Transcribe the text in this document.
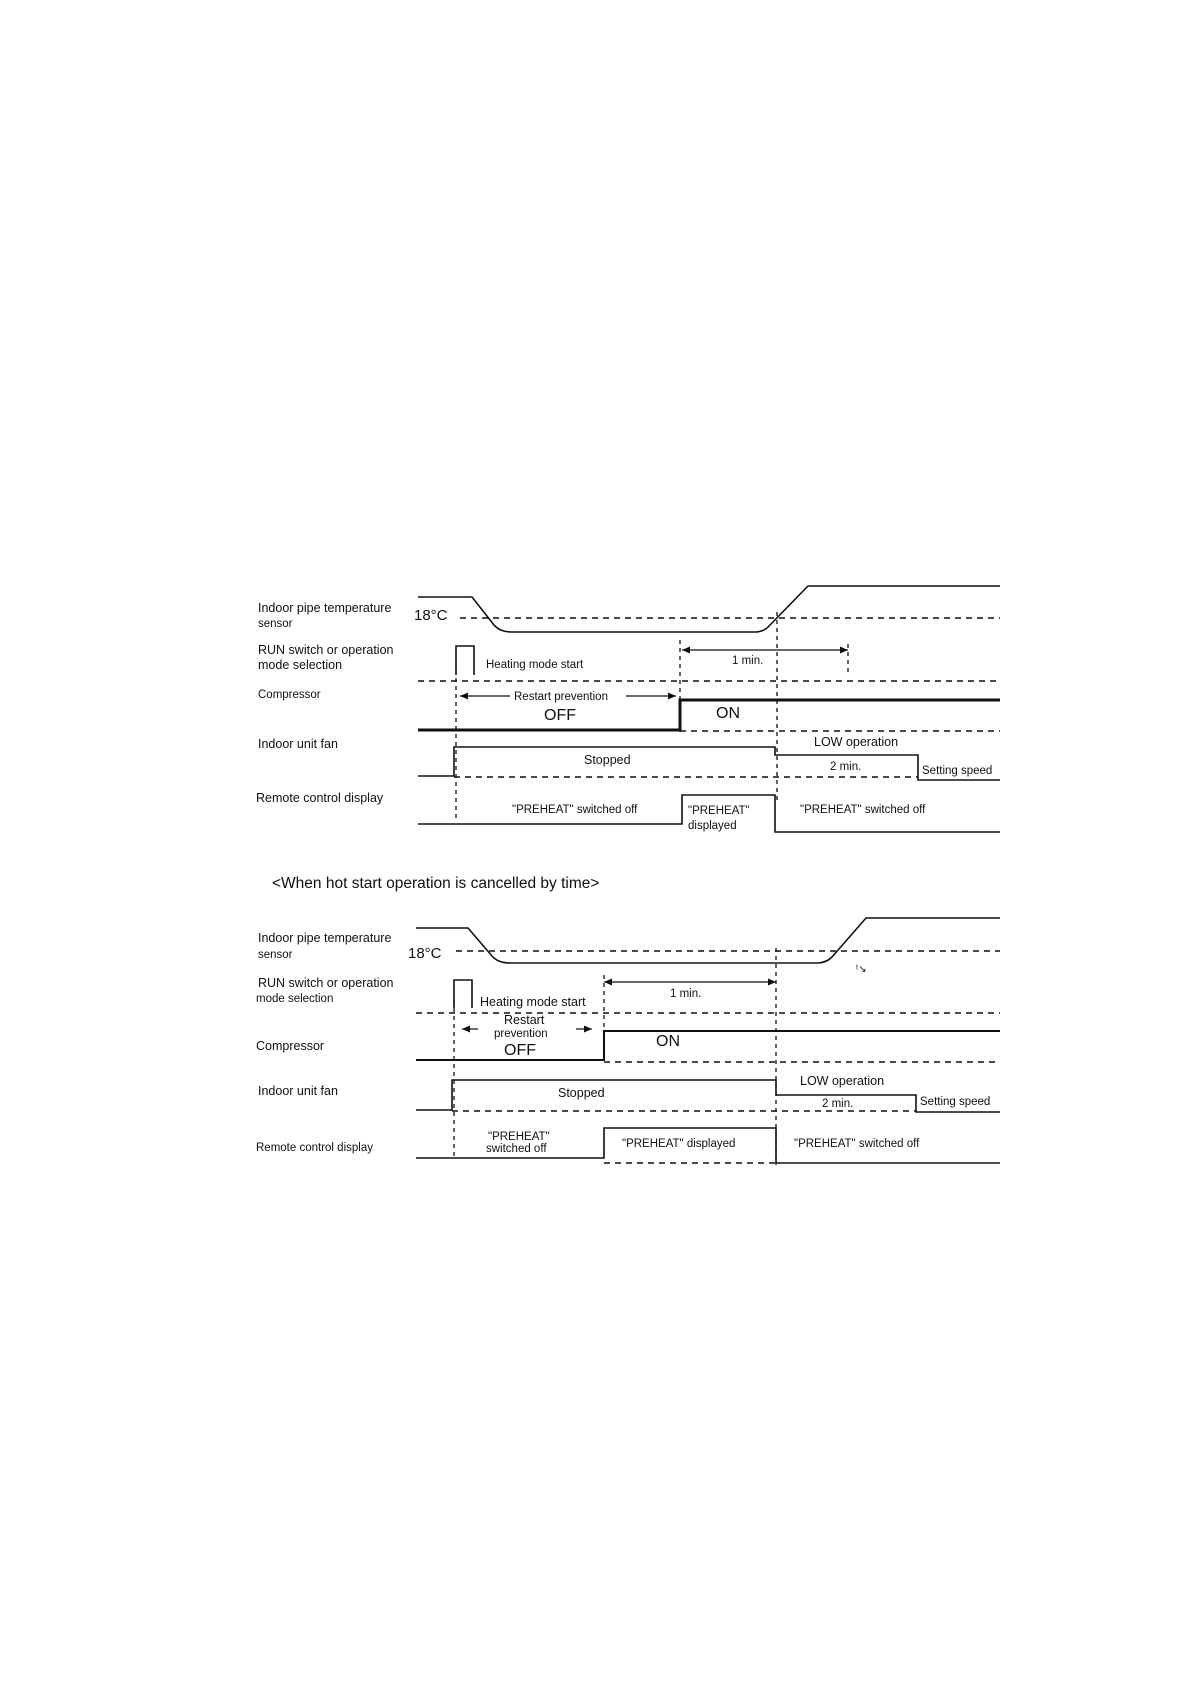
Indoor pipe temperature
sensor
RUN switch or operation
mode selection
Compressor
Indoor unit fan
Remote control display
18°C
Heating mode start	1 min.
Restart prevention
OFF	ON
LOW operation
Stopped	2 min.	Setting speed
"PREHEAT" switched off	"PREHEAT"
displayed
"PREHEAT" switched off
<When hot start operation is cancelled by time>
Indoor pipe temperature
sensor
RUN switch or operation
mode selection
Compressor
Indoor unit fan
Remote control display
18°C
ᵗ↘
Heating mode start
1 min.
Restart
prevention
OFF
ON
LOW operation
Stopped
2 min.	Setting speed
"PREHEAT"
switched off	"PREHEAT" displayed	"PREHEAT" switched off
